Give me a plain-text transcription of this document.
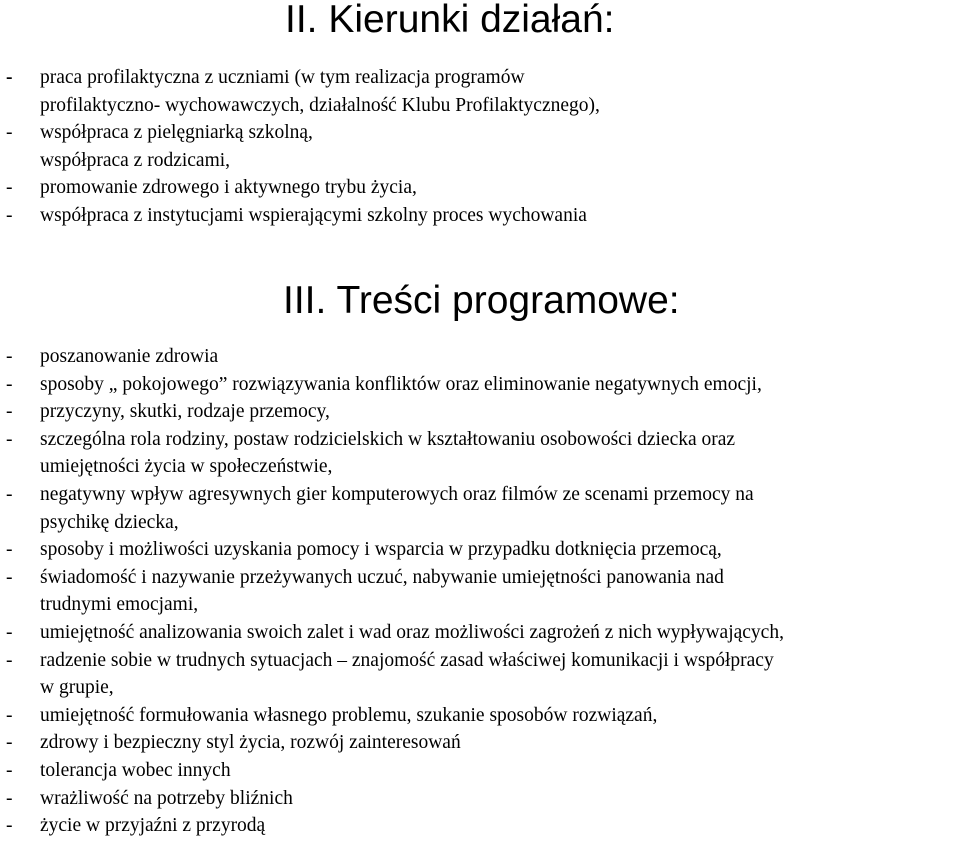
II. Kierunki działań:
-	praca profilaktyczna z uczniami (w tym realizacja programów
profilaktyczno- wychowawczych, działalność Klubu Profilaktycznego),
-	współpraca z pielęgniarką szkolną,
współpraca z rodzicami,
-	promowanie zdrowego i aktywnego trybu życia,
-	współpraca z instytucjami wspierającymi szkolny proces wychowania
III. Treści programowe:
-	poszanowanie zdrowia
-	sposoby „ pokojowego” rozwiązywania konfliktów oraz eliminowanie negatywnych emocji,
-	przyczyny, skutki, rodzaje przemocy,
-	szczególna rola rodziny, postaw rodzicielskich w kształtowaniu osobowości dziecka oraz
umiejętności życia w społeczeństwie,
-	negatywny wpływ agresywnych gier komputerowych oraz filmów ze scenami przemocy na
psychikę dziecka,
-	sposoby i możliwości uzyskania pomocy i wsparcia w przypadku dotknięcia przemocą,
-	świadomość i nazywanie przeżywanych uczuć, nabywanie umiejętności panowania nad
trudnymi emocjami,
-	umiejętność analizowania swoich zalet i wad oraz możliwości zagrożeń z nich wypływających,
-	radzenie sobie w trudnych sytuacjach – znajomość zasad właściwej komunikacji i współpracy
w grupie,
-	umiejętność formułowania własnego problemu, szukanie sposobów rozwiązań,
-	zdrowy i bezpieczny styl życia, rozwój zainteresowań
-	tolerancja wobec innych
-	wrażliwość na potrzeby bliźnich
-	życie w przyjaźni z przyrodą
